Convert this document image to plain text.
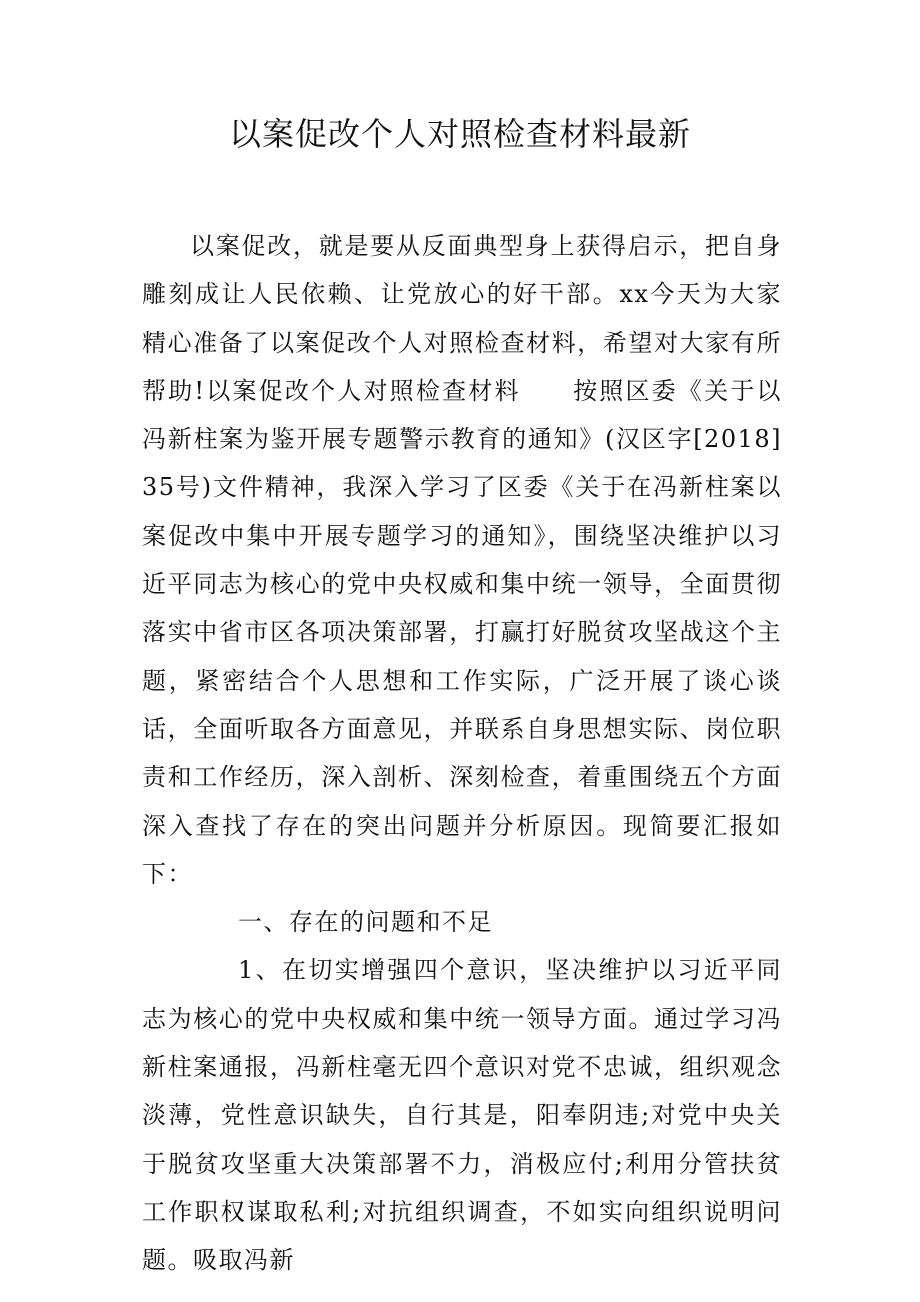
以案促改个人对照检查材料最新

以案促改，就是要从反面典型身上获得启示，把自身雕刻成让人民依赖、让党放心的好干部。xx今天为大家精心准备了以案促改个人对照检查材料，希望对大家有所帮助!以案促改个人对照检查材料　　按照区委《关于以冯新柱案为鉴开展专题警示教育的通知》(汉区字[2018]35号)文件精神，我深入学习了区委《关于在冯新柱案以案促改中集中开展专题学习的通知》，围绕坚决维护以习近平同志为核心的党中央权威和集中统一领导，全面贯彻落实中省市区各项决策部署，打赢打好脱贫攻坚战这个主题，紧密结合个人思想和工作实际，广泛开展了谈心谈话，全面听取各方面意见，并联系自身思想实际、岗位职责和工作经历，深入剖析、深刻检查，着重围绕五个方面深入查找了存在的突出问题并分析原因。现简要汇报如下：

一、存在的问题和不足

1、在切实增强四个意识，坚决维护以习近平同志为核心的党中央权威和集中统一领导方面。通过学习冯新柱案通报，冯新柱毫无四个意识对党不忠诚，组织观念淡薄，党性意识缺失，自行其是，阳奉阴违;对党中央关于脱贫攻坚重大决策部署不力，消极应付;利用分管扶贫工作职权谋取私利;对抗组织调查，不如实向组织说明问题。吸取冯新
